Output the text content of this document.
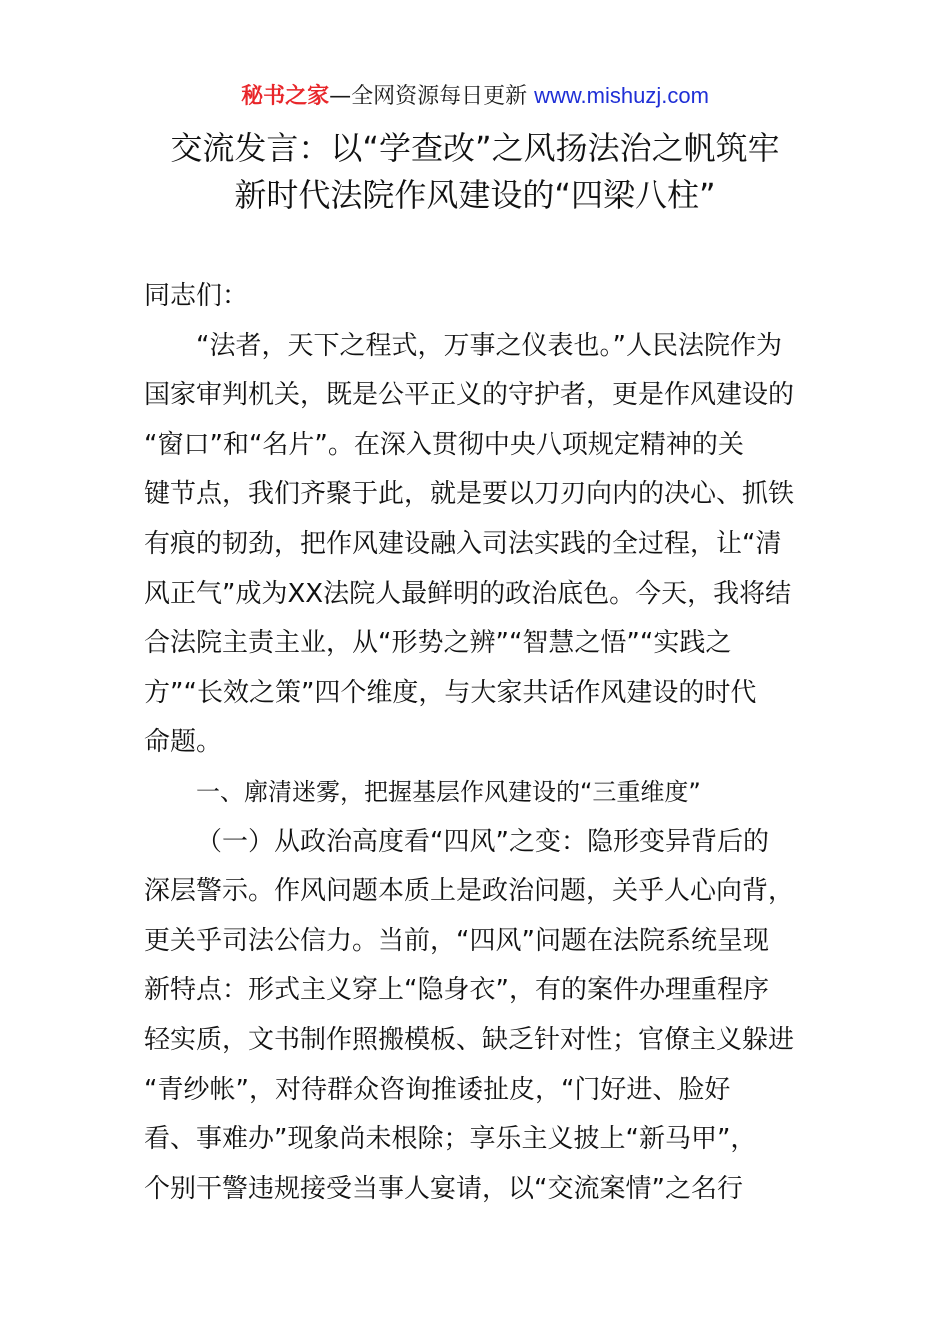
秘书之家—全网资源每日更新 www.mishuzj.com
交流发言：以“学查改”之风扬法治之帆筑牢
新时代法院作风建设的“四梁八柱”
同志们：
“法者，天下之程式，万事之仪表也。”人民法院作为
国家审判机关，既是公平正义的守护者，更是作风建设的
“窗口”和“名片”。在深入贯彻中央八项规定精神的关
键节点，我们齐聚于此，就是要以刀刃向内的决心、抓铁
有痕的韧劲，把作风建设融入司法实践的全过程，让“清
风正气”成为XX法院人最鲜明的政治底色。今天，我将结
合法院主责主业，从“形势之辨”“智慧之悟”“实践之
方”“长效之策”四个维度，与大家共话作风建设的时代
命题。
一、廓清迷雾，把握基层作风建设的“三重维度”
（一）从政治高度看“四风”之变：隐形变异背后的
深层警示。作风问题本质上是政治问题，关乎人心向背，
更关乎司法公信力。当前，“四风”问题在法院系统呈现
新特点：形式主义穿上“隐身衣”，有的案件办理重程序
轻实质，文书制作照搬模板、缺乏针对性；官僚主义躲进
“青纱帐”，对待群众咨询推诿扯皮，“门好进、脸好
看、事难办”现象尚未根除；享乐主义披上“新马甲”，
个别干警违规接受当事人宴请，以“交流案情”之名行
